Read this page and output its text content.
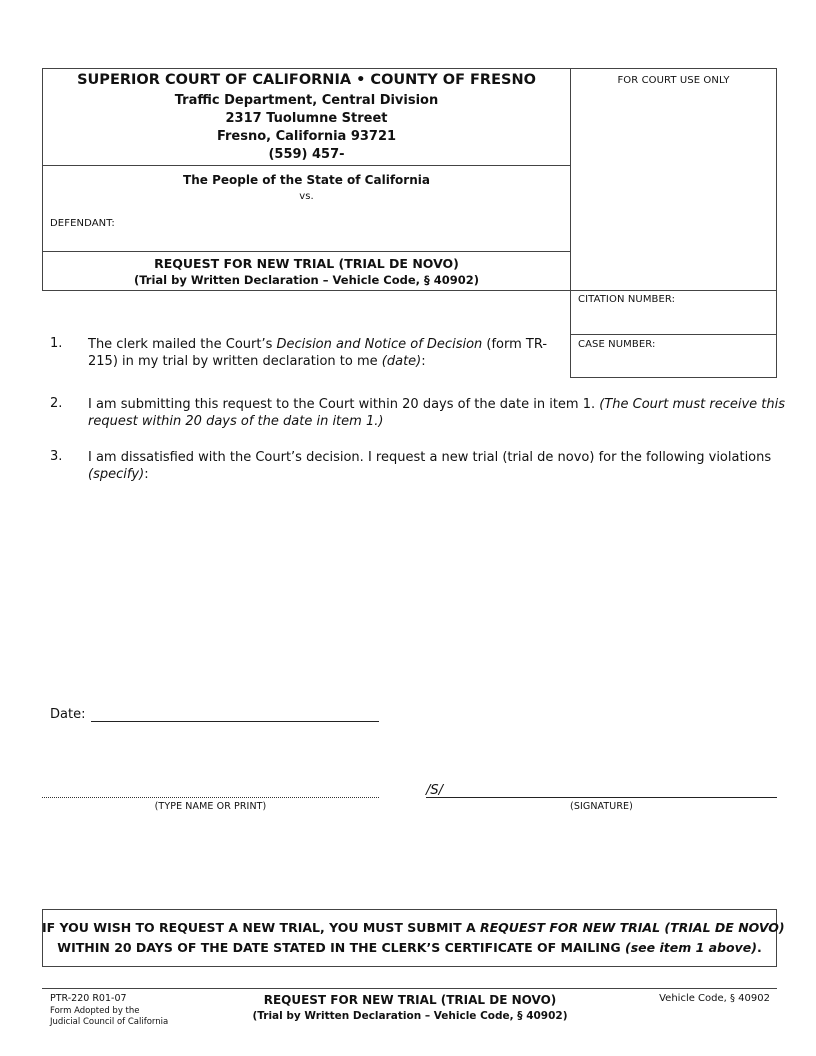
SUPERIOR COURT OF CALIFORNIA • COUNTY OF FRESNO
Traffic Department, Central Division
2317 Tuolumne Street
Fresno, California 93721
(559) 457-
The People of the State of California
vs.
DEFENDANT:
REQUEST FOR NEW TRIAL (TRIAL DE NOVO)
(Trial by Written Declaration – Vehicle Code, § 40902)
FOR COURT USE ONLY
CITATION NUMBER:
CASE NUMBER:
1. The clerk mailed the Court’s Decision and Notice of Decision (form TR-
215) in my trial by written declaration to me (date):
2. I am submitting this request to the Court within 20 days of the date in item 1. (The Court must receive this
request within 20 days of the date in item 1.)
3. I am dissatisfied with the Court’s decision. I request a new trial (trial de novo) for the following violations
(specify):
Date:
(TYPE NAME OR PRINT)
/S/
(SIGNATURE)
IF YOU WISH TO REQUEST A NEW TRIAL, YOU MUST SUBMIT A REQUEST FOR NEW TRIAL (TRIAL DE NOVO)
WITHIN 20 DAYS OF THE DATE STATED IN THE CLERK’S CERTIFICATE OF MAILING (see item 1 above).
PTR-220 R01-07
Form Adopted by the
Judicial Council of California
REQUEST FOR NEW TRIAL (TRIAL DE NOVO)
(Trial by Written Declaration – Vehicle Code, § 40902)
Vehicle Code, § 40902
